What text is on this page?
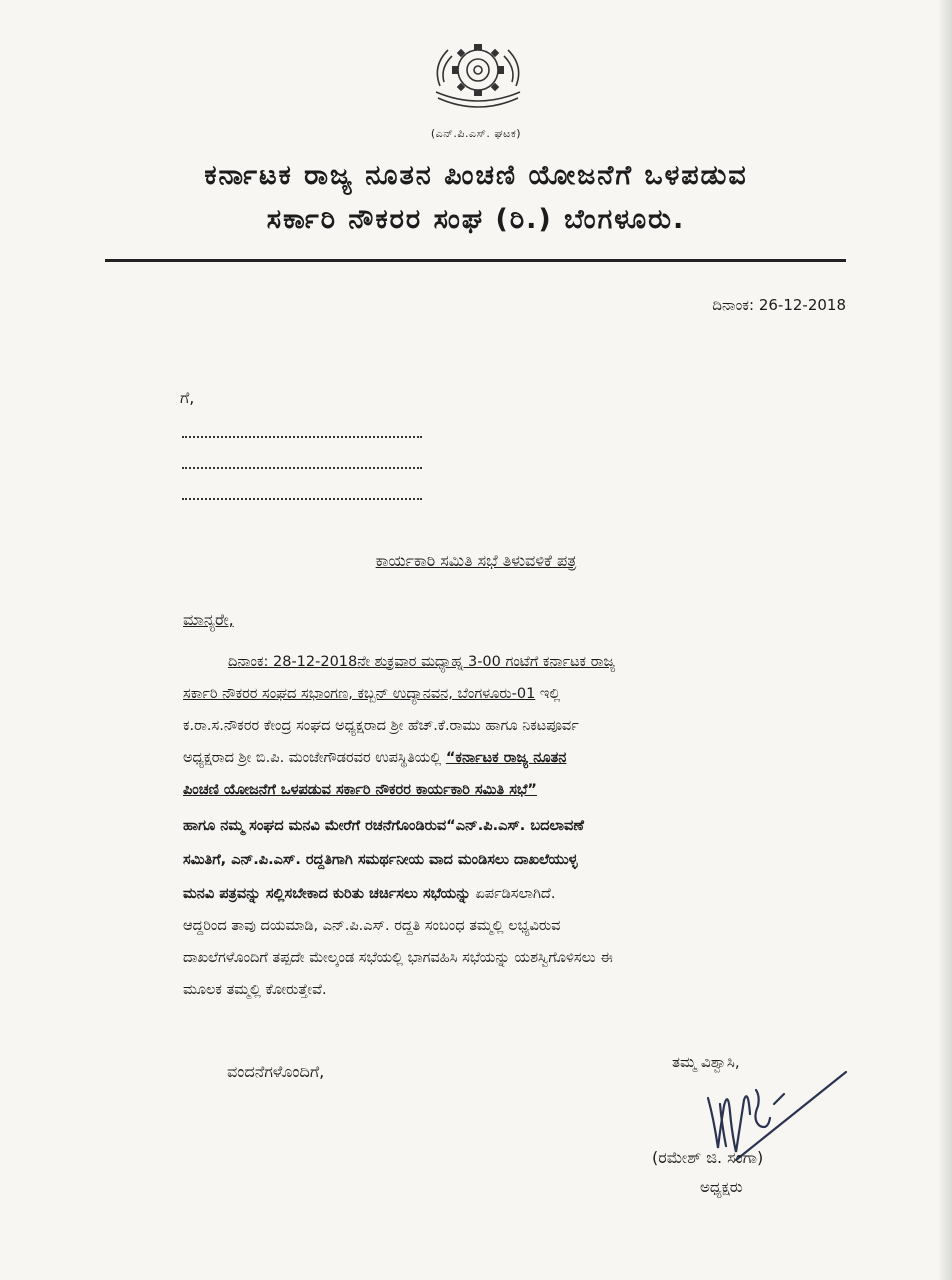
(ಎನ್.ಪಿ.ಎಸ್. ಘಟಕ)
ಕರ್ನಾಟಕ ರಾಜ್ಯ ನೂತನ ಪಿಂಚಣಿ ಯೋಜನೆಗೆ ಒಳಪಡುವ
ಸರ್ಕಾರಿ ನೌಕರರ ಸಂಘ (ರಿ.) ಬೆಂಗಳೂರು.
ದಿನಾಂಕ: 26-12-2018
ಗೆ,
ಕಾರ್ಯಕಾರಿ ಸಮಿತಿ ಸಭೆ ತಿಳುವಳಿಕೆ ಪತ್ರ
ಮಾನ್ಯರೇ,
ದಿನಾಂಕ: 28-12-2018ನೇ ಶುಕ್ರವಾರ ಮಧ್ಯಾಹ್ನ 3-00 ಗಂಟೆಗೆ ಕರ್ನಾಟಕ ರಾಜ್ಯ
ಸರ್ಕಾರಿ ನೌಕರರ ಸಂಘದ ಸಭಾಂಗಣ, ಕಬ್ಬನ್ ಉದ್ಯಾನವನ, ಬೆಂಗಳೂರು-01 ಇಲ್ಲಿ
ಕ.ರಾ.ಸ.ನೌಕರರ ಕೇಂದ್ರ ಸಂಘದ ಅಧ್ಯಕ್ಷರಾದ ಶ್ರೀ ಹೆಚ್.ಕೆ.ರಾಮು ಹಾಗೂ ನಿಕಟಪೂರ್ವ
ಅಧ್ಯಕ್ಷರಾದ ಶ್ರೀ ಬಿ.ಪಿ. ಮಂಜೇಗೌಡರವರ ಉಪಸ್ಥಿತಿಯಲ್ಲಿ “ಕರ್ನಾಟಕ ರಾಜ್ಯ ನೂತನ
ಪಿಂಚಣಿ ಯೋಜನೆಗೆ ಒಳಪಡುವ ಸರ್ಕಾರಿ ನೌಕರರ ಕಾರ್ಯಕಾರಿ ಸಮಿತಿ ಸಭೆ”
ಹಾಗೂ ನಮ್ಮ ಸಂಘದ ಮನವಿ ಮೇರೆಗೆ ರಚನೆಗೊಂಡಿರುವ“ಎನ್.ಪಿ.ಎಸ್. ಬದಲಾವಣೆ
ಸಮಿತಿಗೆ, ಎನ್.ಪಿ.ಎಸ್. ರದ್ದತಿಗಾಗಿ ಸಮರ್ಥನೀಯ ವಾದ ಮಂಡಿಸಲು ದಾಖಲೆಯುಳ್ಳ
ಮನವಿ ಪತ್ರವನ್ನು ಸಲ್ಲಿಸಬೇಕಾದ ಕುರಿತು ಚರ್ಚಿಸಲು ಸಭೆಯನ್ನು ಏರ್ಪಡಿಸಲಾಗಿದೆ.
ಆದ್ದರಿಂದ ತಾವು ದಯಮಾಡಿ, ಎನ್.ಪಿ.ಎಸ್. ರದ್ದತಿ ಸಂಬಂಧ ತಮ್ಮಲ್ಲಿ ಲಭ್ಯವಿರುವ
ದಾಖಲೆಗಳೊಂದಿಗೆ ತಪ್ಪದೇ ಮೇಲ್ಕಂಡ ಸಭೆಯಲ್ಲಿ ಭಾಗವಹಿಸಿ ಸಭೆಯನ್ನು ಯಶಸ್ವಿಗೊಳಿಸಲು ಈ
ಮೂಲಕ ತಮ್ಮಲ್ಲಿ ಕೋರುತ್ತೇವೆ.
ವಂದನೆಗಳೊಂದಿಗೆ,	ತಮ್ಮ ವಿಶ್ವಾಸಿ,
(ರಮೇಶ್ ಜಿ. ಸಂಗಾ)
ಅಧ್ಯಕ್ಷರು
